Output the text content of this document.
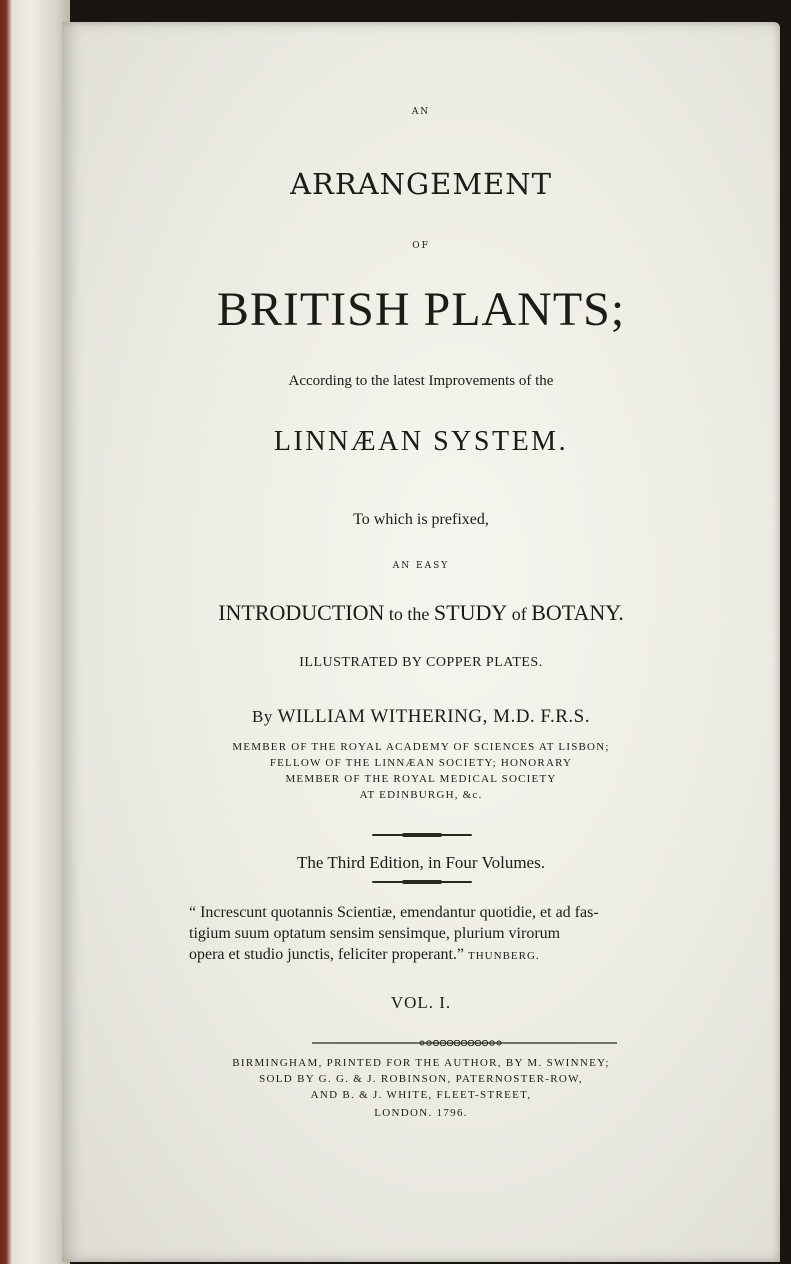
AN

ARRANGEMENT

OF

BRITISH PLANTS;

According to the latest Improvements of the

LINNÆAN SYSTEM.

To which is prefixed,

AN EASY

INTRODUCTION to the STUDY of BOTANY.

ILLUSTRATED BY COPPER PLATES.

By WILLIAM WITHERING, M.D. F.R.S.

MEMBER OF THE ROYAL ACADEMY OF SCIENCES AT LISBON;

FELLOW OF THE LINNÆAN SOCIETY; HONORARY

MEMBER OF THE ROYAL MEDICAL SOCIETY

AT EDINBURGH, &c.

The Third Edition, in Four Volumes.

“ Increscunt quotannis Scientiæ, emendantur quotidie, et ad fas-
tigium suum optatum sensim sensimque, plurium virorum
opera et studio junctis, feliciter properant.” THUNBERG.

VOL. I.

BIRMINGHAM, PRINTED FOR THE AUTHOR, BY M. SWINNEY;

SOLD BY G. G. & J. ROBINSON, PATERNOSTER-ROW,

AND B. & J. WHITE, FLEET-STREET,

LONDON. 1796.
